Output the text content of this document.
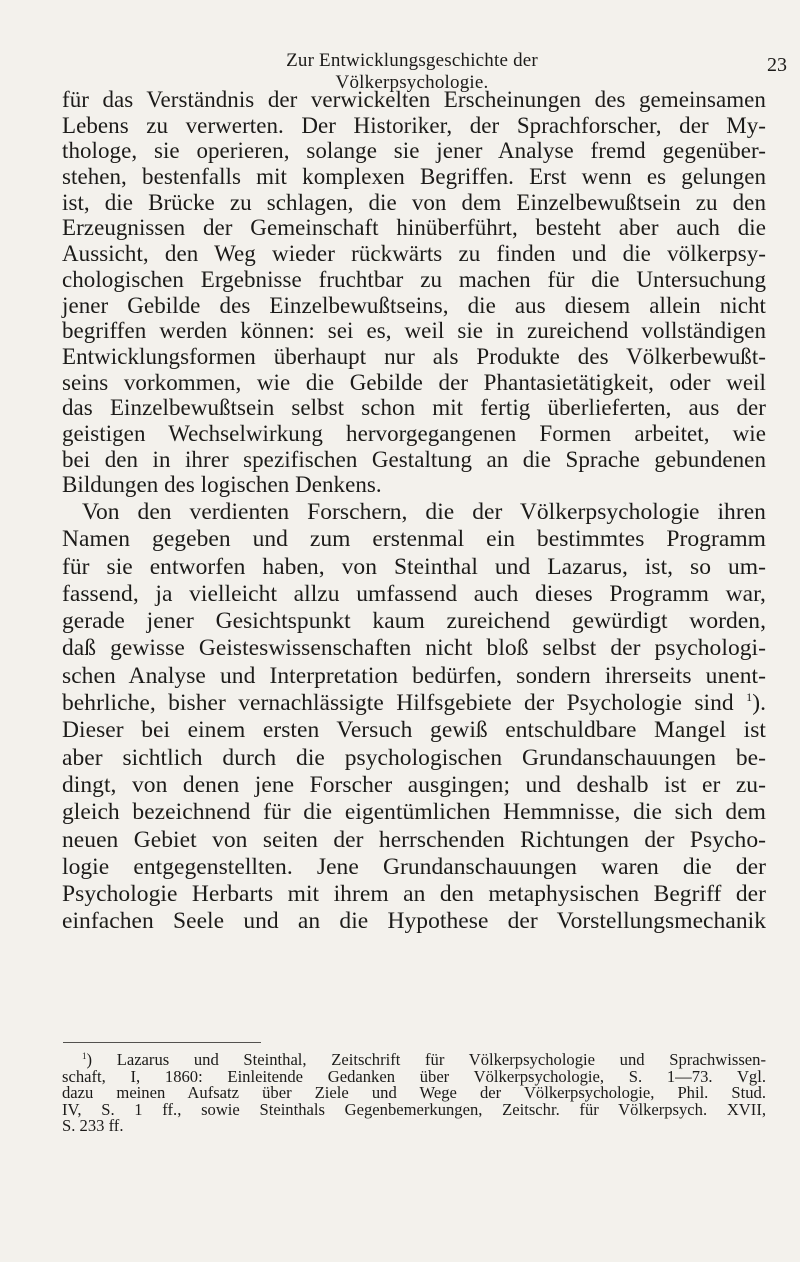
Zur Entwicklungsgeschichte der Völkerpsychologie.
23
für das Verständnis der verwickelten Erscheinungen des gemeinsamen
Lebens zu verwerten. Der Historiker, der Sprachforscher, der My-
thologe, sie operieren, solange sie jener Analyse fremd gegenüber-
stehen, bestenfalls mit komplexen Begriffen. Erst wenn es gelungen
ist, die Brücke zu schlagen, die von dem Einzelbewußtsein zu den
Erzeugnissen der Gemeinschaft hinüberführt, besteht aber auch die
Aussicht, den Weg wieder rückwärts zu finden und die völkerpsy-
chologischen Ergebnisse fruchtbar zu machen für die Untersuchung
jener Gebilde des Einzelbewußtseins, die aus diesem allein nicht
begriffen werden können: sei es, weil sie in zureichend vollständigen
Entwicklungsformen überhaupt nur als Produkte des Völkerbewußt-
seins vorkommen, wie die Gebilde der Phantasietätigkeit, oder weil
das Einzelbewußtsein selbst schon mit fertig überlieferten, aus der
geistigen Wechselwirkung hervorgegangenen Formen arbeitet, wie
bei den in ihrer spezifischen Gestaltung an die Sprache gebundenen
Bildungen des logischen Denkens.
Von den verdienten Forschern, die der Völkerpsychologie ihren
Namen gegeben und zum erstenmal ein bestimmtes Programm
für sie entworfen haben, von Steinthal und Lazarus, ist, so um-
fassend, ja vielleicht allzu umfassend auch dieses Programm war,
gerade jener Gesichtspunkt kaum zureichend gewürdigt worden,
daß gewisse Geisteswissenschaften nicht bloß selbst der psychologi-
schen Analyse und Interpretation bedürfen, sondern ihrerseits unent-
behrliche, bisher vernachlässigte Hilfsgebiete der Psychologie sind $^1$).
Dieser bei einem ersten Versuch gewiß entschuldbare Mangel ist
aber sichtlich durch die psychologischen Grundanschauungen be-
dingt, von denen jene Forscher ausgingen; und deshalb ist er zu-
gleich bezeichnend für die eigentümlichen Hemmnisse, die sich dem
neuen Gebiet von seiten der herrschenden Richtungen der Psycho-
logie entgegenstellten. Jene Grundanschauungen waren die der
Psychologie Herbarts mit ihrem an den metaphysischen Begriff der
einfachen Seele und an die Hypothese der Vorstellungsmechanik
$^1$) Lazarus und Steinthal, Zeitschrift für Völkerpsychologie und Sprachwissen-
schaft, I, 1860: Einleitende Gedanken über Völkerpsychologie, S. 1—73. Vgl.
dazu meinen Aufsatz über Ziele und Wege der Völkerpsychologie, Phil. Stud.
IV, S. 1 ff., sowie Steinthals Gegenbemerkungen, Zeitschr. für Völkerpsych. XVII,
S. 233 ff.
